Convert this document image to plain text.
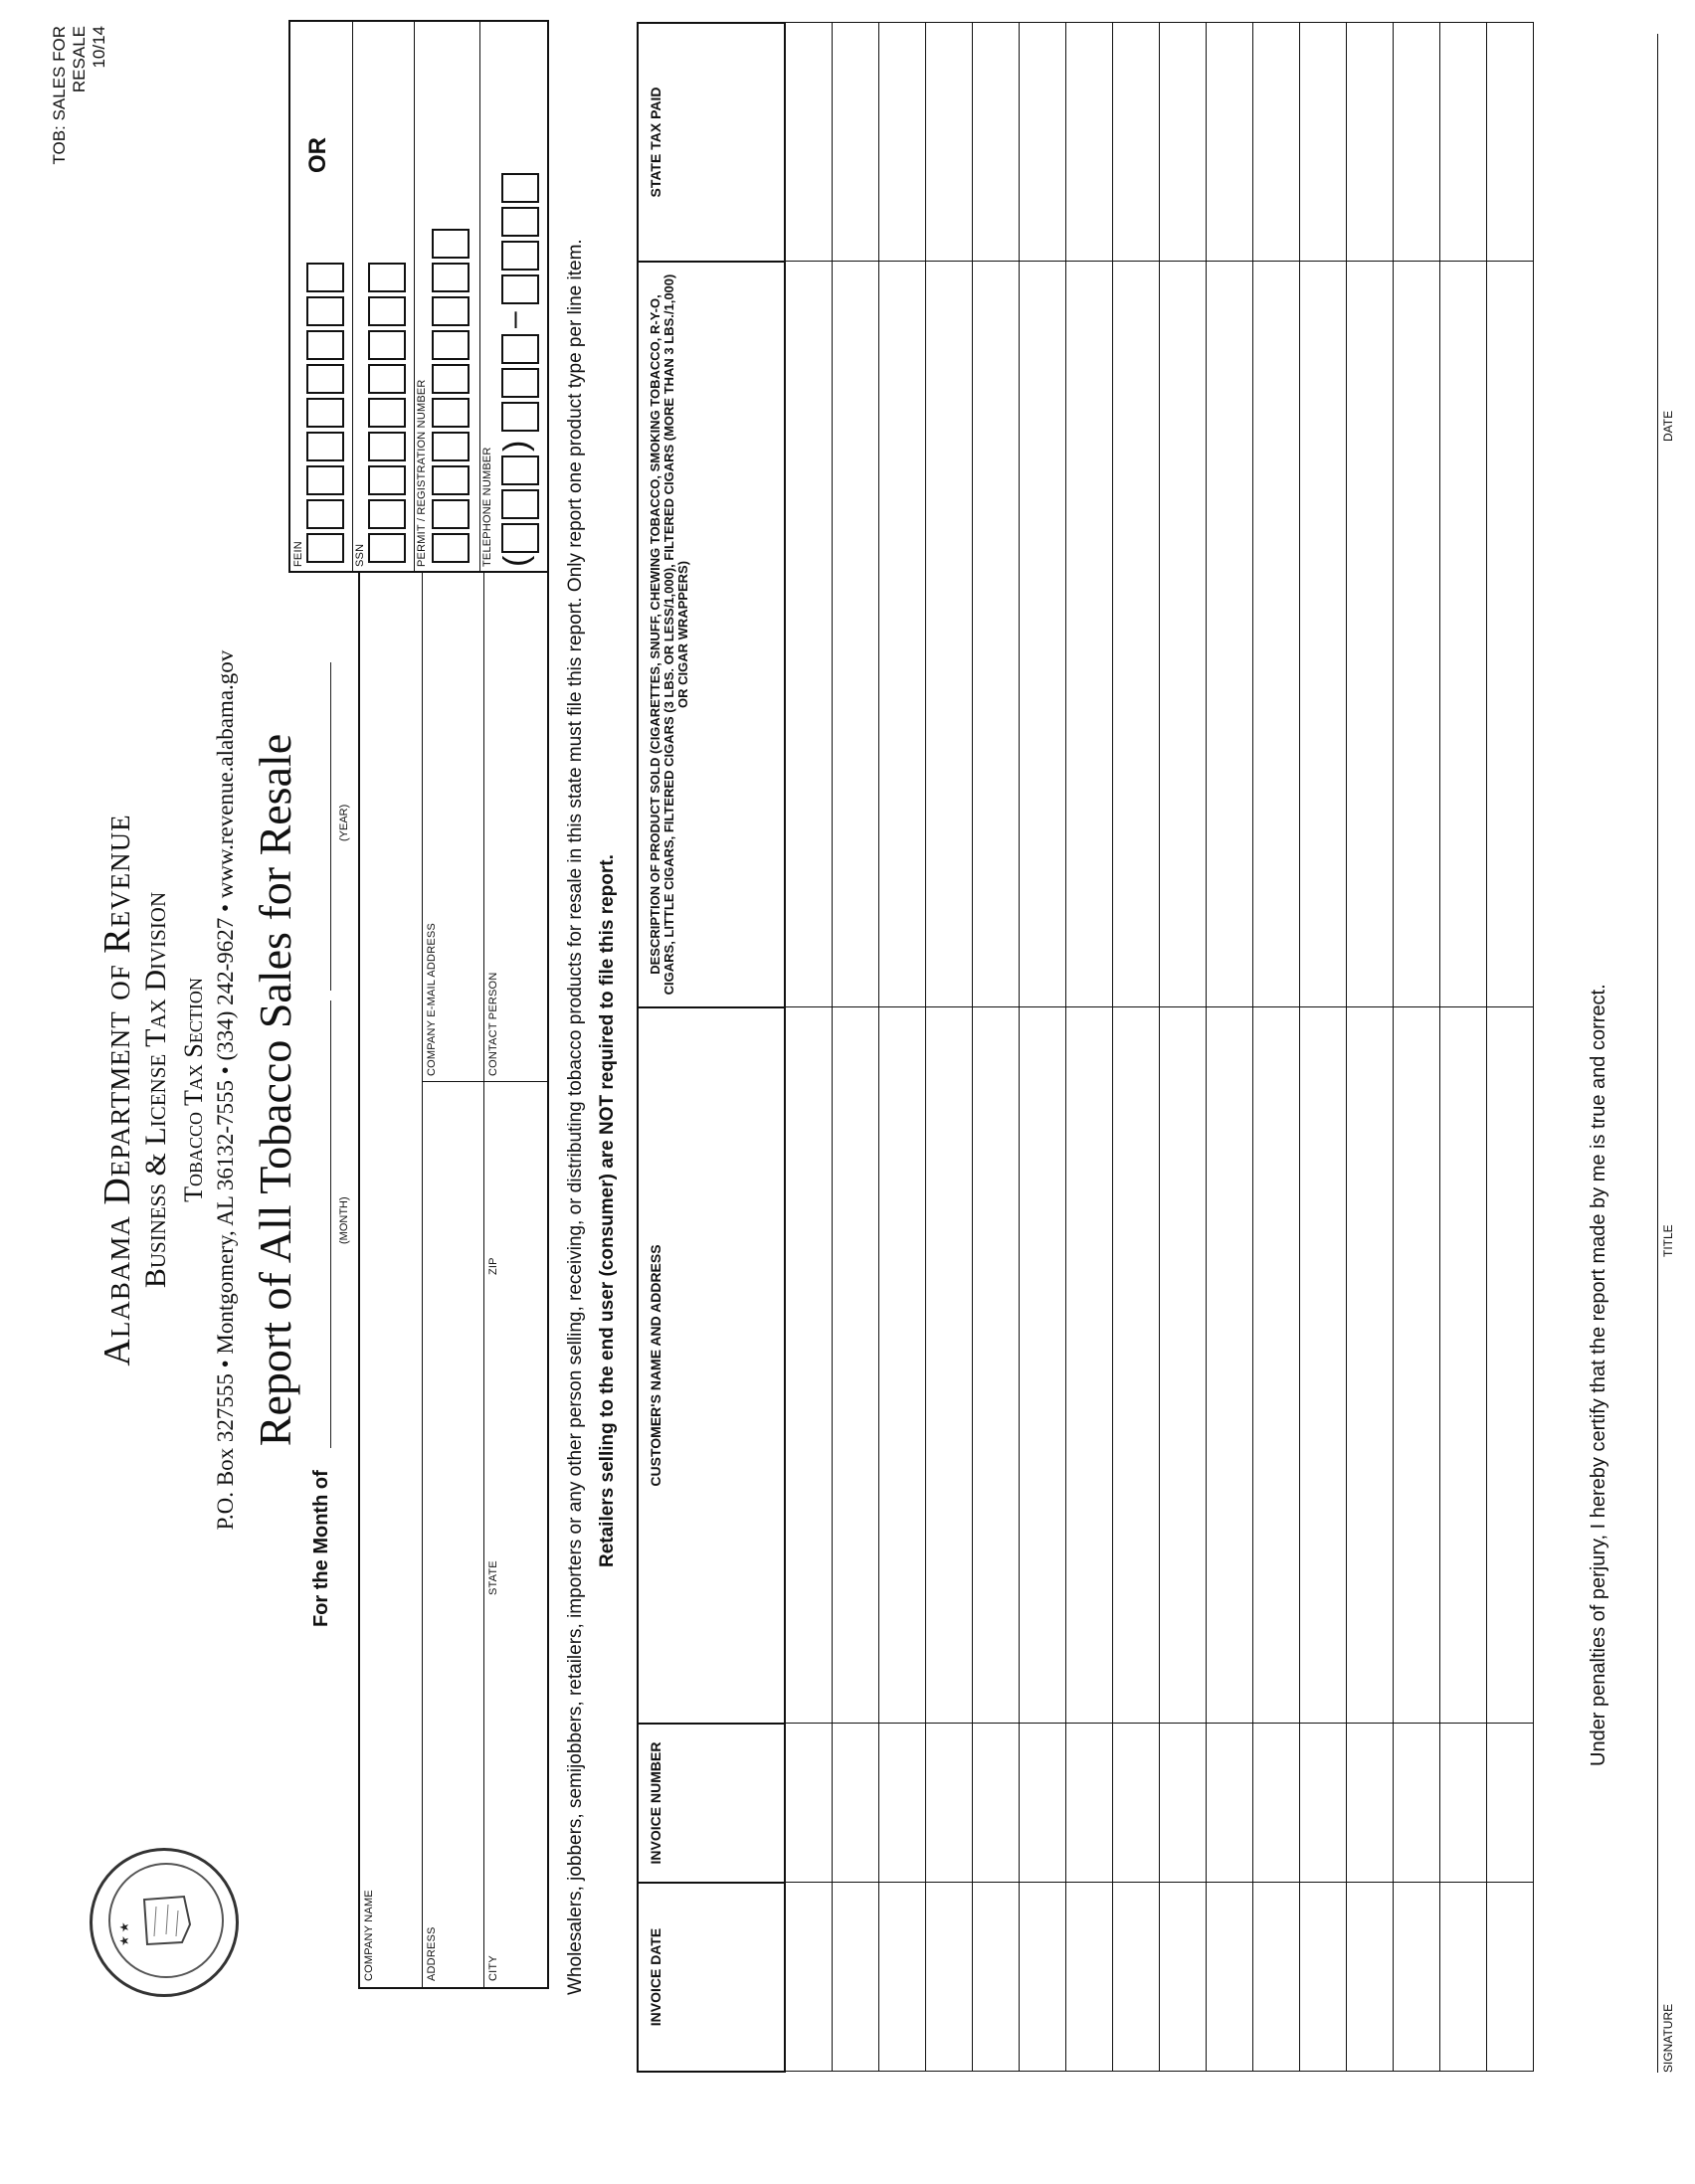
TOB: SALES FOR RESALE 10/14
★ ★
Alabama Department of Revenue Business & License Tax Division Tobacco Tax Section P.O. Box 327555 • Montgomery, AL 36132-7555 • (334) 242-9627 • www.revenue.alabama.gov Report of All Tobacco Sales for Resale
For the Month of
(MONTH)
(YEAR)
COMPANY NAME	ADDRESS
COMPANY E-MAIL ADDRESS
CITY
STATE
ZIP
CONTACT PERSON
FEIN
OR
SSN	PERMIT / REGISTRATION NUMBER	TELEPHONE NUMBER (
)
– Wholesalers, jobbers, semijobbers, retailers, importers or any other person selling, receiving, or distributing tobacco products for resale in this state must file this report. Only report one product type per line item. Retailers selling to the end user (consumer) are NOT required to file this report.
INVOICE DATE	INVOICE NUMBER	CUSTOMER'S NAME AND ADDRESS	DESCRIPTION OF PRODUCT SOLD (CIGARETTES, SNUFF, CHEWING TOBACCO, SMOKING TOBACCO, R-Y-O, CIGARS, LITTLE CIGARS, FILTERED CIGARS (3 LBS. OR LESS/1,000), FILTERED CIGARS (MORE THAN 3 LBS./1,000) OR CIGAR WRAPPERS)	STATE TAX PAID

Under penalties of perjury, I hereby certify that the report made by me is true and correct.
SIGNATURE
TITLE
DATE
